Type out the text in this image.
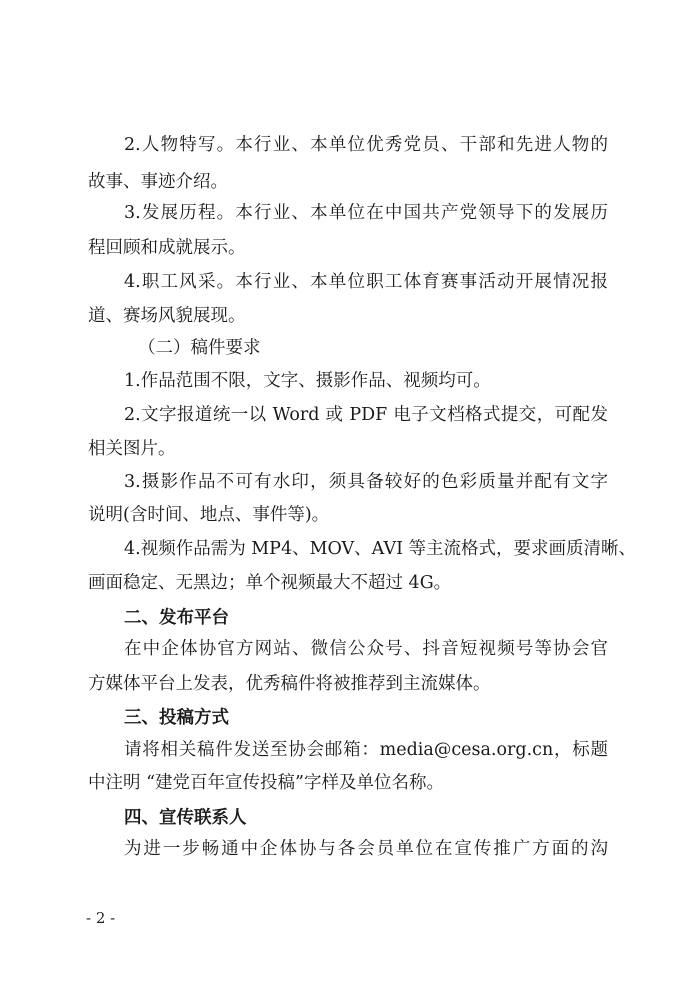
2.人物特写。本行业、本单位优秀党员、干部和先进人物的
故事、事迹介绍。
3.发展历程。本行业、本单位在中国共产党领导下的发展历
程回顾和成就展示。
4.职工风采。本行业、本单位职工体育赛事活动开展情况报
道、赛场风貌展现。
（二）稿件要求
1.作品范围不限，文字、摄影作品、视频均可。
2.文字报道统一以 Word 或 PDF 电子文档格式提交，可配发
相关图片。
3.摄影作品不可有水印，须具备较好的色彩质量并配有文字
说明(含时间、地点、事件等)。
4.视频作品需为 MP4、MOV、AVI 等主流格式，要求画质清晰、
画面稳定、无黑边；单个视频最大不超过 4G。
二、发布平台
在中企体协官方网站、微信公众号、抖音短视频号等协会官
方媒体平台上发表，优秀稿件将被推荐到主流媒体。
三、投稿方式
请将相关稿件发送至协会邮箱：media@cesa.org.cn，标题
中注明 “建党百年宣传投稿”字样及单位名称。
四、宣传联系人
为进一步畅通中企体协与各会员单位在宣传推广方面的沟
- 2 -
